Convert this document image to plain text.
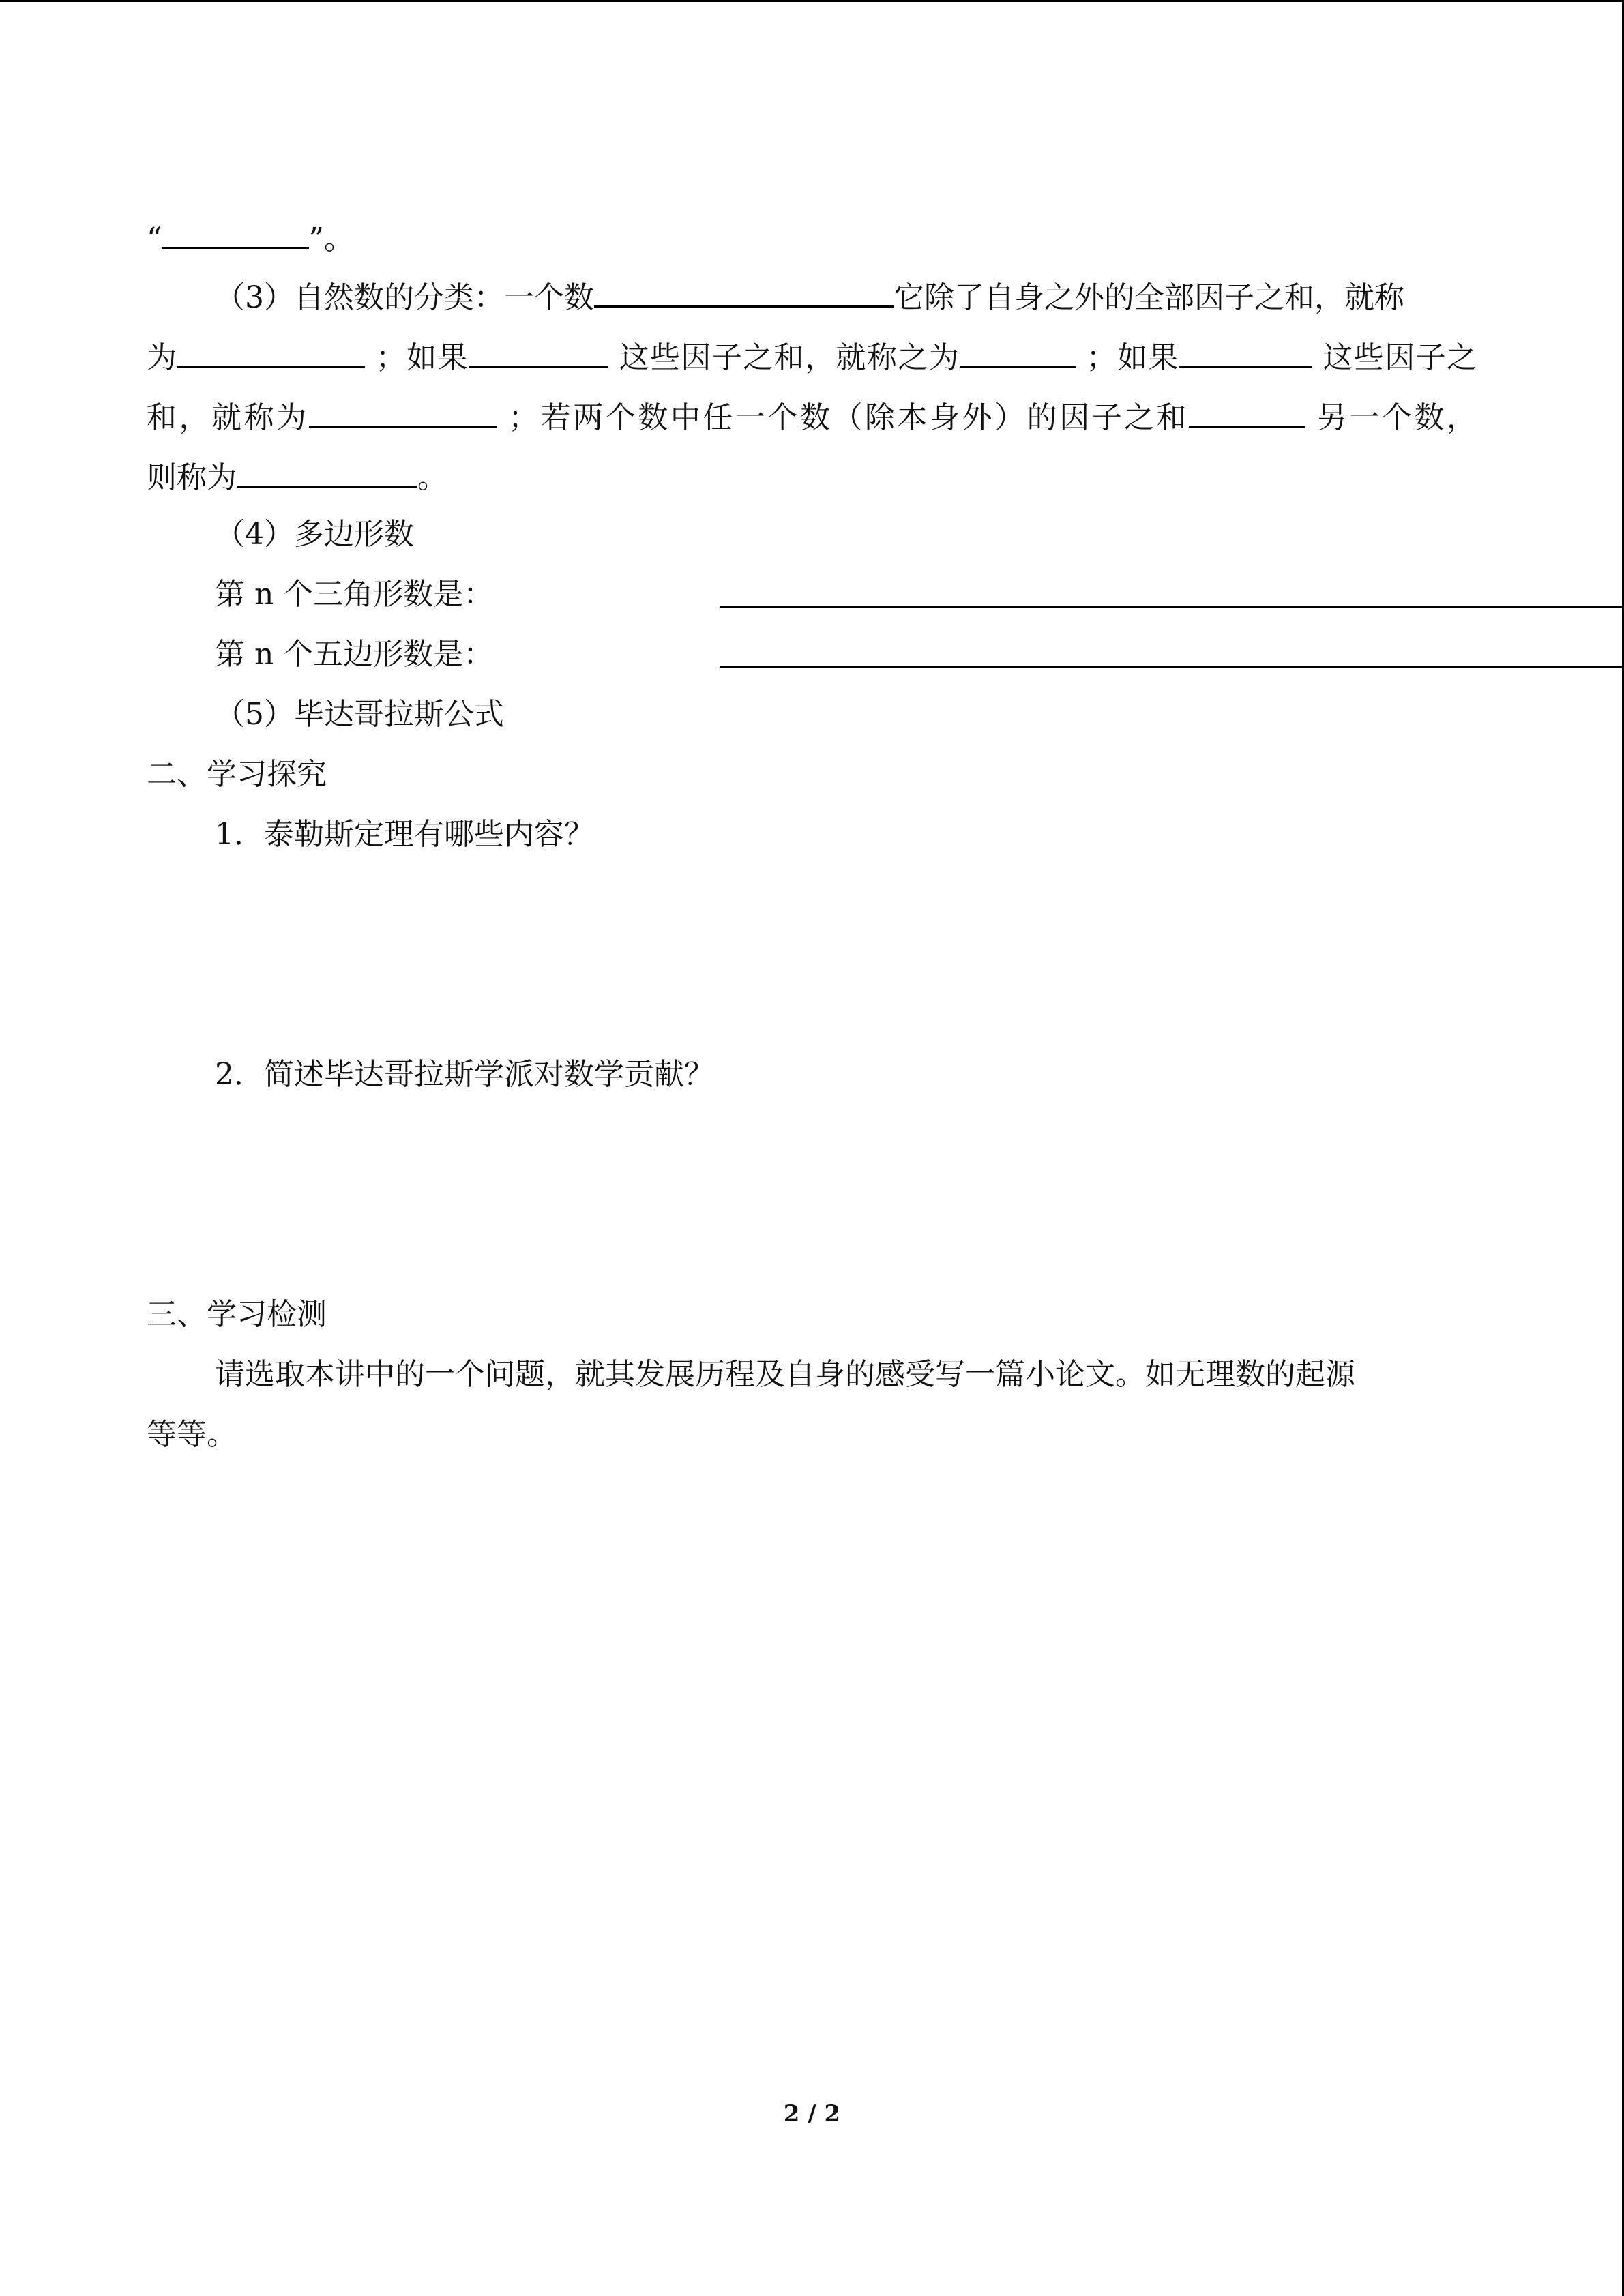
“	”。
（3）自然数的分类：一个数	它除了自身之外的全部因子之和，就称
为	；如果	这些因子之和，就称之为	；如果	这些因子之
和，就称为	；若两个数中任一个数（除本身外）的因子之和	另一个数，
则称为	。
（4）多边形数
第 n 个三角形数是：
第 n 个五边形数是：
（5）毕达哥拉斯公式
二、学习探究
1．泰勒斯定理有哪些内容？
2．简述毕达哥拉斯学派对数学贡献？
三、学习检测
请选取本讲中的一个问题，就其发展历程及自身的感受写一篇小论文。如无理数的起源
等等。
2 / 2
